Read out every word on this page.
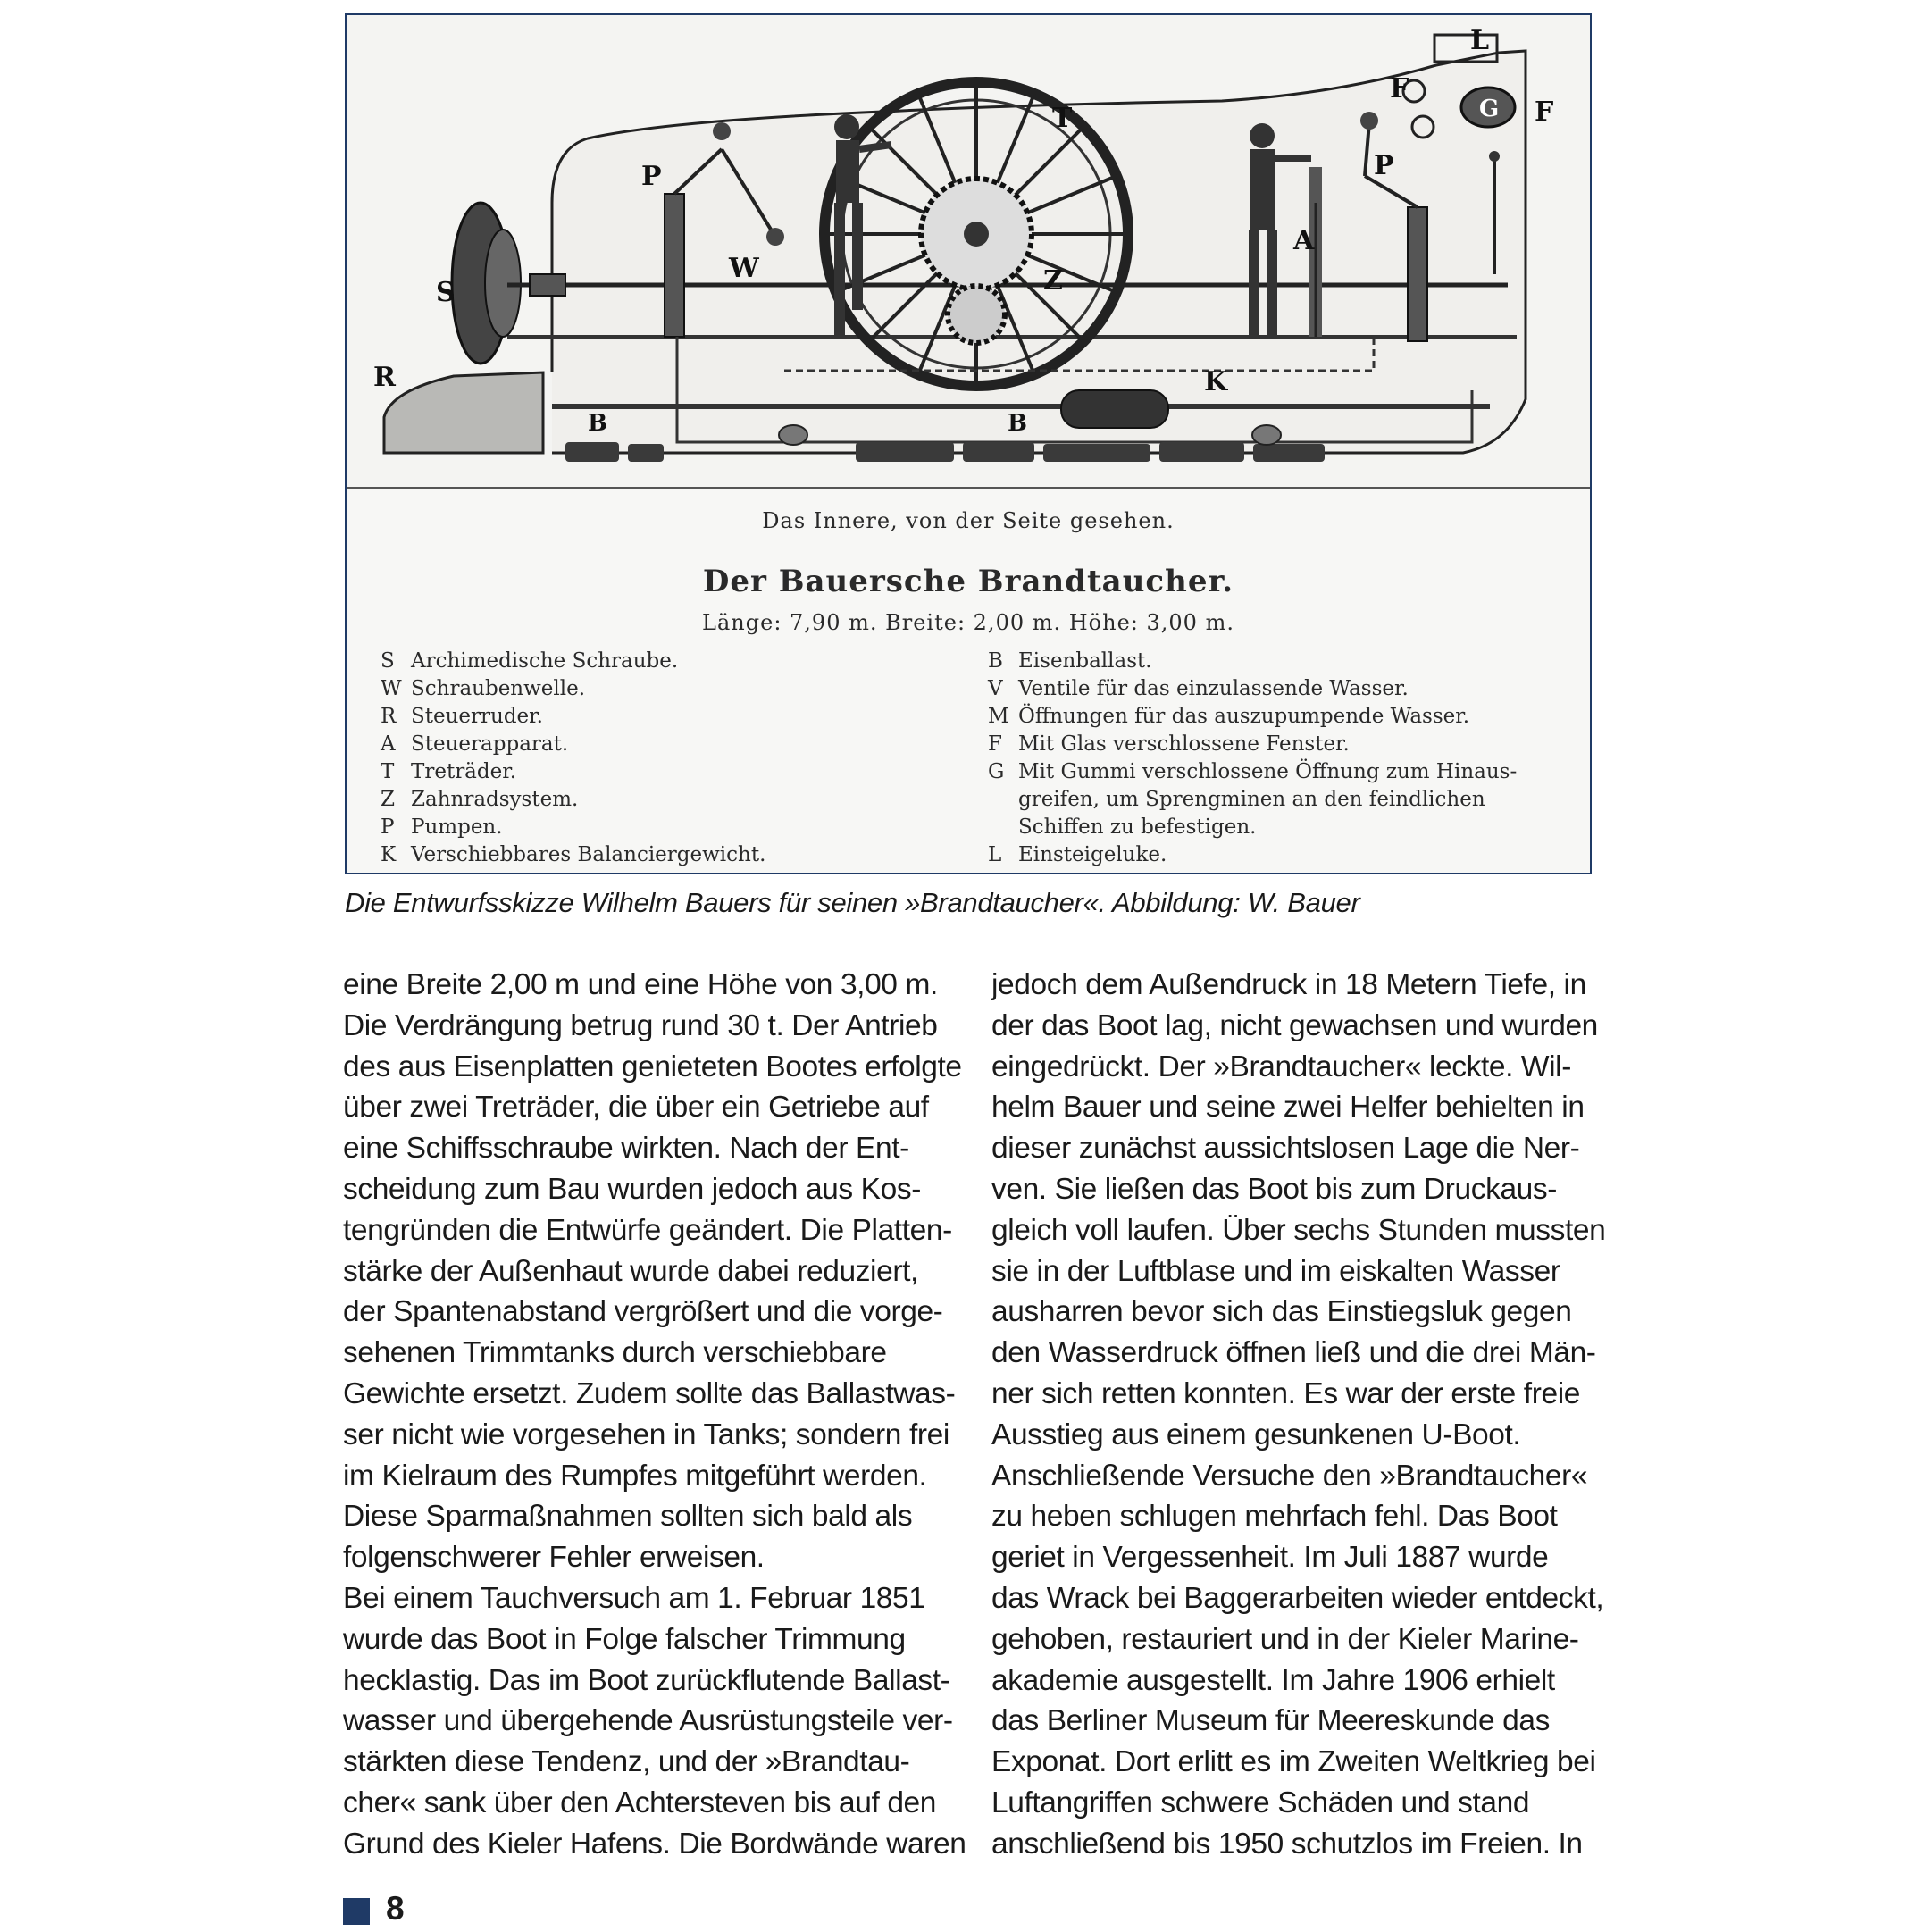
L
F
G F
T
P	P
W
S	Z
A
K
R
B	B
Das Innere, von der Seite gesehen.
Der Bauersche Brandtaucher.
Länge: 7,90 m. Breite: 2,00 m. Höhe: 3,00 m.
S Archimedische Schraube.
W Schraubenwelle.
R Steuerruder.
A Steuerapparat.
T Treträder.
Z Zahnradsystem.
P Pumpen.
K Verschiebbares Balanciergewicht.
B Eisenballast.
V Ventile für das einzulassende Wasser.
M Öffnungen für das auszupumpende Wasser.
F Mit Glas verschlossene Fenster.
G Mit Gummi verschlossene Öffnung zum Hinaus-
greifen, um Sprengminen an den feindlichen
Schiffen zu befestigen.
L Einsteigeluke.
Die Entwurfsskizze Wilhelm Bauers für seinen »Brandtaucher«. Abbildung: W. Bauer
eine Breite 2,00 m und eine Höhe von 3,00 m.
Die Verdrängung betrug rund 30 t. Der Antrieb
des aus Eisenplatten genieteten Bootes erfolgte
über zwei Treträder, die über ein Getriebe auf
eine Schiffsschraube wirkten. Nach der Ent-
scheidung zum Bau wurden jedoch aus Kos-
tengründen die Entwürfe geändert. Die Platten-
stärke der Außenhaut wurde dabei reduziert,
der Spantenabstand vergrößert und die vorge-
sehenen Trimmtanks durch verschiebbare
Gewichte ersetzt. Zudem sollte das Ballastwas-
ser nicht wie vorgesehen in Tanks; sondern frei
im Kielraum des Rumpfes mitgeführt werden.
Diese Sparmaßnahmen sollten sich bald als
folgenschwerer Fehler erweisen.
Bei einem Tauchversuch am 1. Februar 1851
wurde das Boot in Folge falscher Trimmung
hecklastig. Das im Boot zurückflutende Ballast-
wasser und übergehende Ausrüstungsteile ver-
stärkten diese Tendenz, und der »Brandtau-
cher« sank über den Achtersteven bis auf den
Grund des Kieler Hafens. Die Bordwände waren
jedoch dem Außendruck in 18 Metern Tiefe, in
der das Boot lag, nicht gewachsen und wurden
eingedrückt. Der »Brandtaucher« leckte. Wil-
helm Bauer und seine zwei Helfer behielten in
dieser zunächst aussichtslosen Lage die Ner-
ven. Sie ließen das Boot bis zum Druckaus-
gleich voll laufen. Über sechs Stunden mussten
sie in der Luftblase und im eiskalten Wasser
ausharren bevor sich das Einstiegsluk gegen
den Wasserdruck öffnen ließ und die drei Män-
ner sich retten konnten. Es war der erste freie
Ausstieg aus einem gesunkenen U-Boot.
Anschließende Versuche den »Brandtaucher«
zu heben schlugen mehrfach fehl. Das Boot
geriet in Vergessenheit. Im Juli 1887 wurde
das Wrack bei Baggerarbeiten wieder entdeckt,
gehoben, restauriert und in der Kieler Marine-
akademie ausgestellt. Im Jahre 1906 erhielt
das Berliner Museum für Meereskunde das
Exponat. Dort erlitt es im Zweiten Weltkrieg bei
Luftangriffen schwere Schäden und stand
anschließend bis 1950 schutzlos im Freien. In
8
